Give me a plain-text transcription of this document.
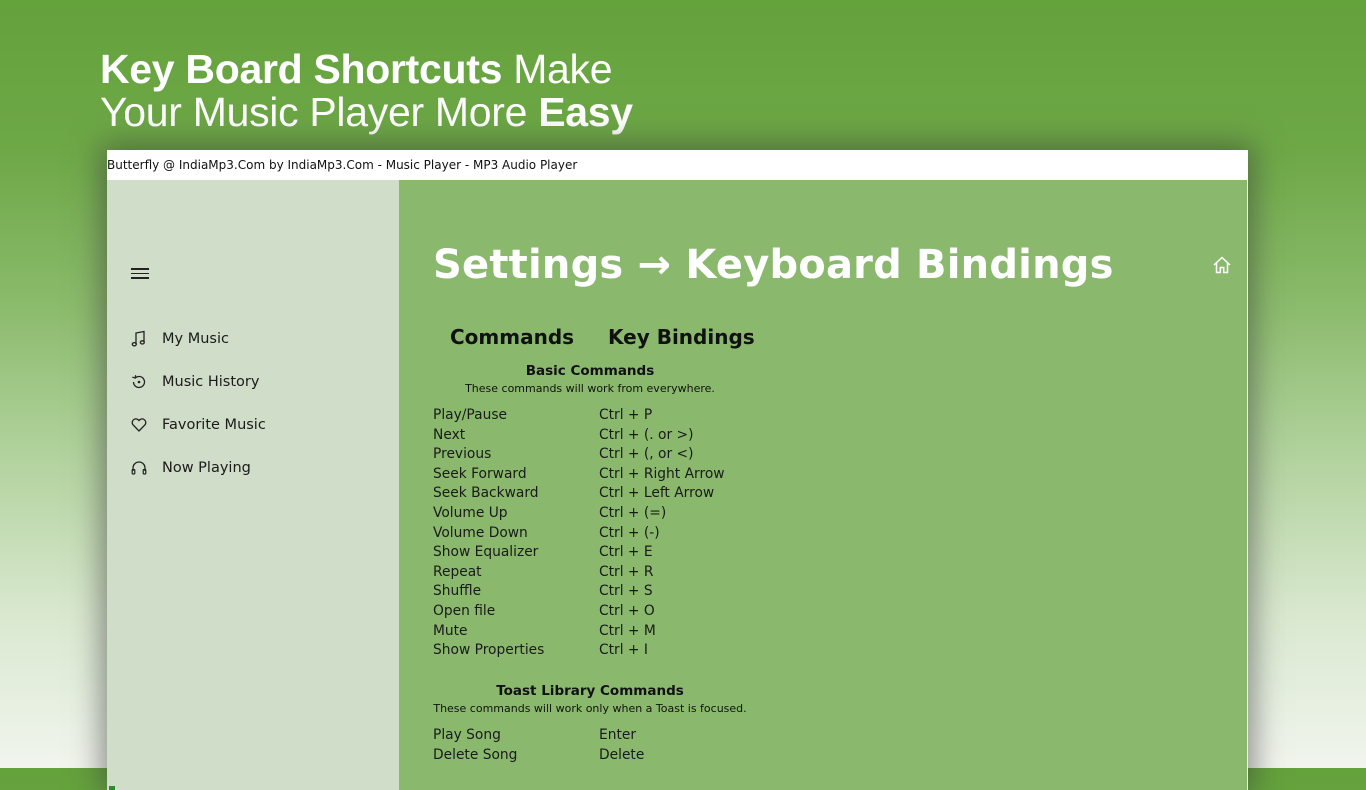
Key Board Shortcuts Make
Your Music Player More Easy
Butterfly @ IndiaMp3.Com by IndiaMp3.Com - Music Player - MP3 Audio Player
My Music
Music History
Favorite Music
Now Playing
Settings → Keyboard Bindings
Commands Key Bindings
Basic Commands
These commands will work from everywhere.
Play/Pause	Ctrl + P
Next	Ctrl + (. or >)
Previous	Ctrl + (, or <)
Seek Forward	Ctrl + Right Arrow
Seek Backward	Ctrl + Left Arrow
Volume Up	Ctrl + (=)
Volume Down	Ctrl + (-)
Show Equalizer	Ctrl + E
Repeat	Ctrl + R
Shuffle	Ctrl + S
Open file	Ctrl + O
Mute	Ctrl + M
Show Properties	Ctrl + I
Toast Library Commands
These commands will work only when a Toast is focused.
Play Song	Enter
Delete Song	Delete
